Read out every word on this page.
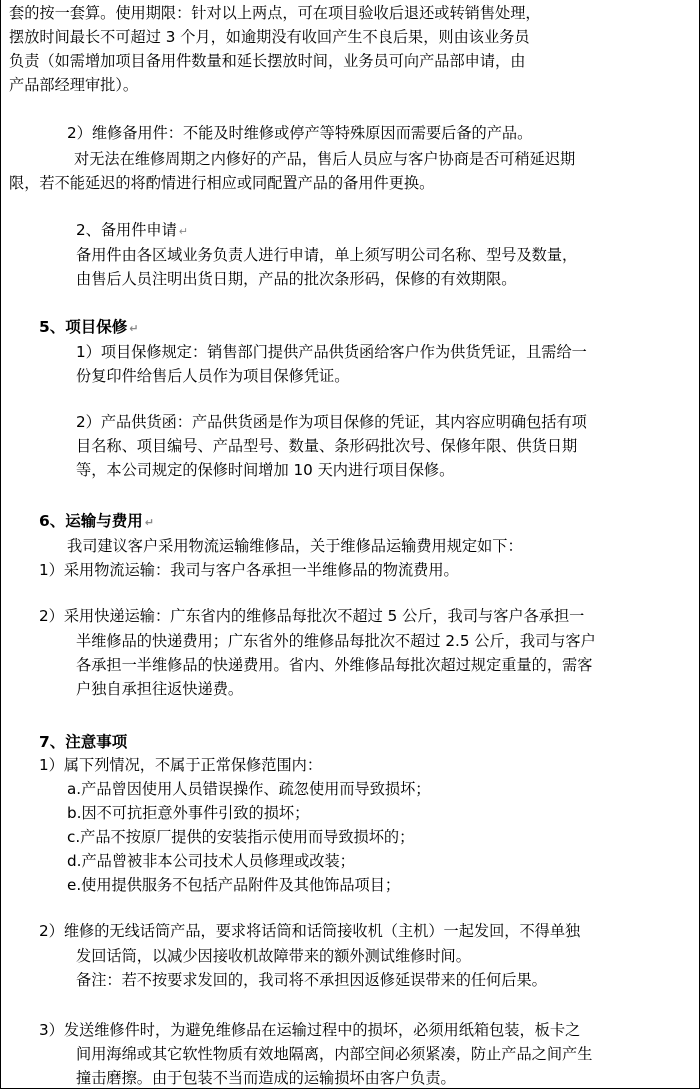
套的按一套算。使用期限：针对以上两点，可在项目验收后退还或转销售处理，
摆放时间最长不可超过 3 个月，如逾期没有收回产生不良后果，则由该业务员
负责（如需增加项目备用件数量和延长摆放时间，业务员可向产品部申请，由
产品部经理审批）。
2）维修备用件：不能及时维修或停产等特殊原因而需要后备的产品。
对无法在维修周期之内修好的产品，售后人员应与客户协商是否可稍延迟期
限，若不能延迟的将酌情进行相应或同配置产品的备用件更换。
2、备用件申请 ↵
备用件由各区域业务负责人进行申请，单上须写明公司名称、型号及数量，
由售后人员注明出货日期，产品的批次条形码，保修的有效期限。
5、项目保修 ↵
1）项目保修规定：销售部门提供产品供货函给客户作为供货凭证，且需给一
份复印件给售后人员作为项目保修凭证。
2）产品供货函：产品供货函是作为项目保修的凭证，其内容应明确包括有项
目名称、项目编号、产品型号、数量、条形码批次号、保修年限、供货日期
等，本公司规定的保修时间增加 10 天内进行项目保修。
6、运输与费用 ↵
我司建议客户采用物流运输维修品，关于维修品运输费用规定如下：
1）采用物流运输：我司与客户各承担一半维修品的物流费用。
2）采用快递运输：广东省内的维修品每批次不超过 5 公斤，我司与客户各承担一
半维修品的快递费用；广东省外的维修品每批次不超过 2.5 公斤，我司与客户
各承担一半维修品的快递费用。省内、外维修品每批次超过规定重量的，需客
户独自承担往返快递费。
7、注意事项
1）属下列情况，不属于正常保修范围内：
a.产品曾因使用人员错误操作、疏忽使用而导致损坏；
b.因不可抗拒意外事件引致的损坏；
c.产品不按原厂提供的安装指示使用而导致损坏的；
d.产品曾被非本公司技术人员修理或改装；
e.使用提供服务不包括产品附件及其他饰品项目；
2）维修的无线话筒产品，要求将话筒和话筒接收机（主机）一起发回，不得单独
发回话筒，以减少因接收机故障带来的额外测试维修时间。
备注：若不按要求发回的，我司将不承担因返修延误带来的任何后果。
3）发送维修件时，为避免维修品在运输过程中的损坏，必须用纸箱包装，板卡之
间用海绵或其它软性物质有效地隔离，内部空间必须紧凑，防止产品之间产生
撞击磨擦。由于包装不当而造成的运输损坏由客户负责。
